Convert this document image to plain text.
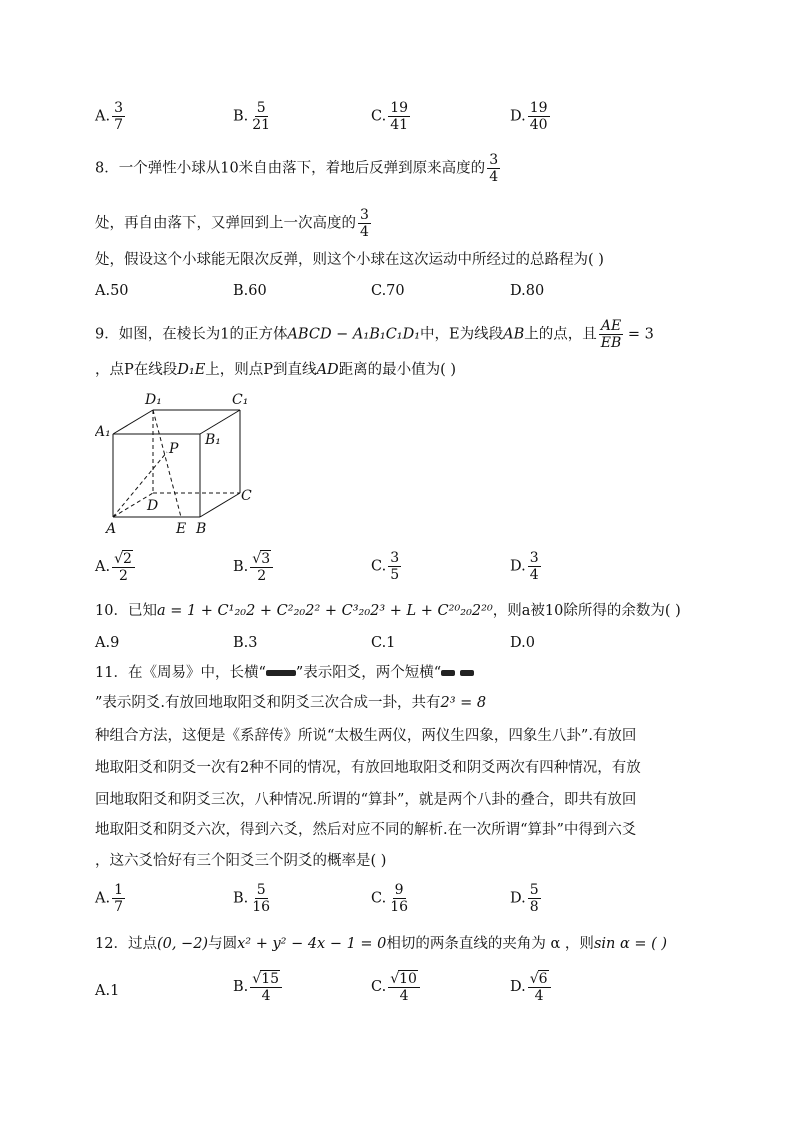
A. $\frac{3}{7}$	B. $\frac{5}{21}$	C. $\frac{19}{41}$	D. $\frac{19}{40}$
8．一个弹性小球从10米自由落下，着地后反弹到原来高度的 $\frac{3}{4}$
处，再自由落下，又弹回到上一次高度的 $\frac{3}{4}$
处，假设这个小球能无限次反弹，则这个小球在这次运动中所经过的总路程为( )
A.50	B.60	C.70	D.80
9．如图，在棱长为1的正方体ABCD − A₁B₁C₁D₁中，E为线段AB上的点，且 $\frac{AE}{EB} = 3$
，点P在线段D₁E上，则点P到直线AD距离的最小值为( )
D₁	C₁
A₁	B₁
P
D
C
A	E B
A. $\frac{√2}{2}$	B. $\frac{√3}{2}$	C. $\frac{3}{5}$	D. $\frac{3}{4}$
10．已知a = 1 + C¹₂₀2 + C²₂₀2² + C³₂₀2³ + L + C²⁰₂₀2²⁰，则a被10除所得的余数为( )
A.9	B.3	C.1	D.0
11．在《周易》中，长横“ ”表示阳爻，两个短横“
”表示阴爻.有放回地取阳爻和阴爻三次合成一卦，共有2³ = 8
种组合方法，这便是《系辞传》所说“太极生两仪，两仪生四象，四象生八卦”.有放回
地取阳爻和阴爻一次有2种不同的情况，有放回地取阳爻和阴爻两次有四种情况，有放
回地取阳爻和阴爻三次，八种情况.所谓的“算卦”，就是两个八卦的叠合，即共有放回
地取阳爻和阴爻六次，得到六爻，然后对应不同的解析.在一次所谓“算卦”中得到六爻
，这六爻恰好有三个阳爻三个阴爻的概率是( )
A. $\frac{1}{7}$	B. $\frac{5}{16}$	C. $\frac{9}{16}$	D. $\frac{5}{8}$
12．过点(0, −2)与圆x² + y² − 4x − 1 = 0相切的两条直线的夹角为 α ，则sin α = ( )
A.1	B. $\frac{√15}{4}$	C. $\frac{√10}{4}$	D. $\frac{√6}{4}$
